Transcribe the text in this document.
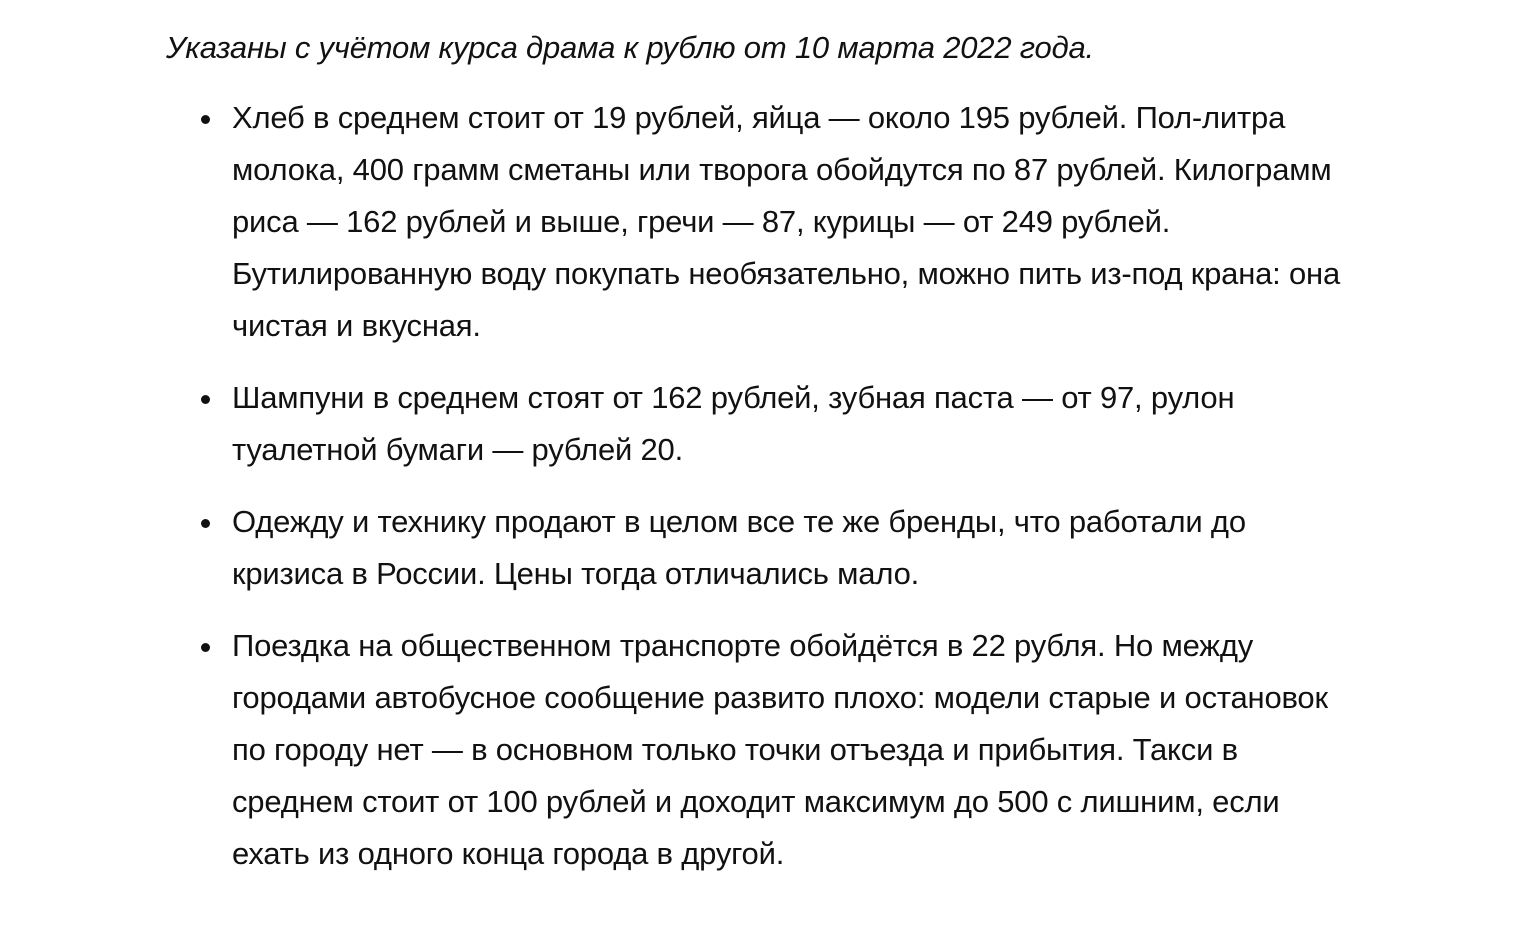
Указаны с учётом курса драма к рублю от 10 марта 2022 года.

Хлеб в среднем стоит от 19 рублей, яйца — около 195 рублей. Пол-литра молока, 400 грамм сметаны или творога обойдутся по 87 рублей. Килограмм риса — 162 рублей и выше, гречи — 87, курицы — от 249 рублей. Бутилированную воду покупать необязательно, можно пить из-под крана: она чистая и вкусная.
Шампуни в среднем стоят от 162 рублей, зубная паста — от 97, рулон туалетной бумаги — рублей 20.
Одежду и технику продают в целом все те же бренды, что работали до кризиса в России. Цены тогда отличались мало.
Поездка на общественном транспорте обойдётся в 22 рубля. Но между городами автобусное сообщение развито плохо: модели старые и остановок по городу нет — в основном только точки отъезда и прибытия. Такси в среднем стоит от 100 рублей и доходит максимум до 500 с лишним, если ехать из одного конца города в другой.
